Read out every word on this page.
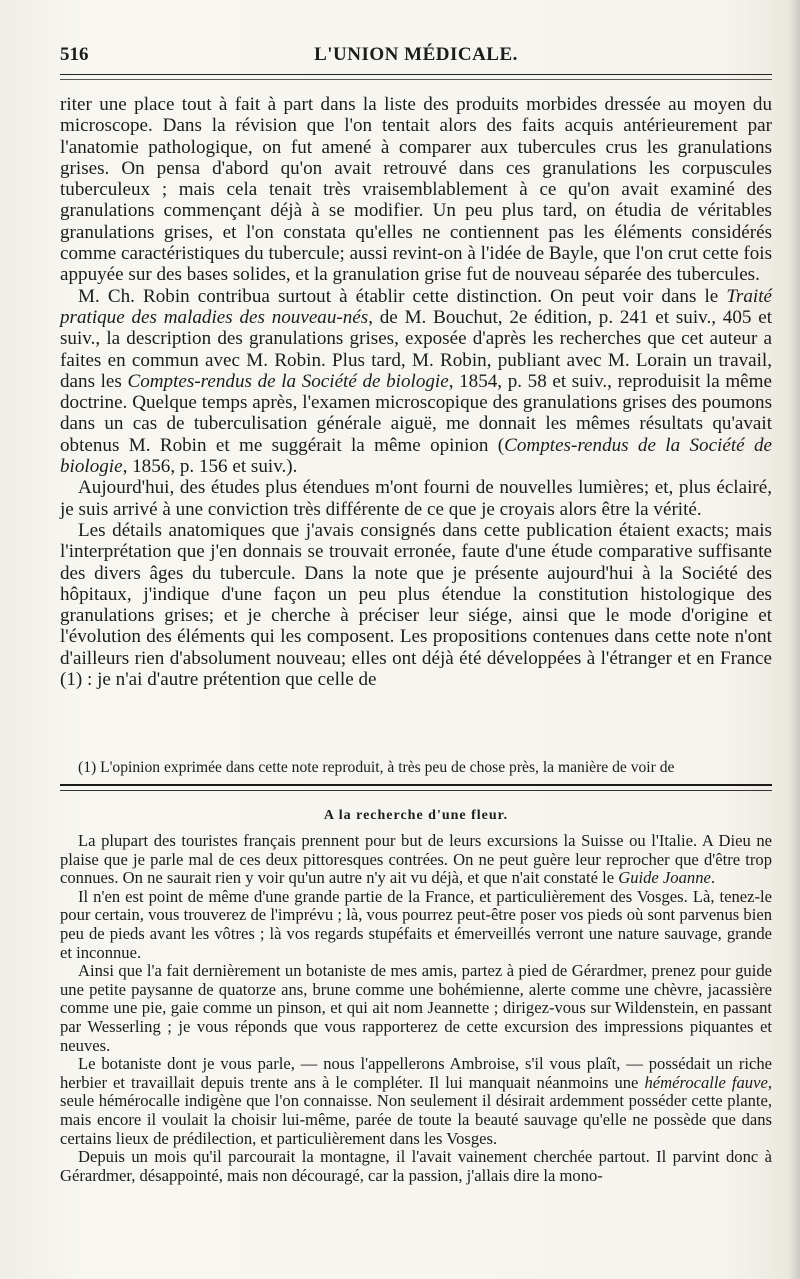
516	L'UNION MÉDICALE.

riter une place tout à fait à part dans la liste des produits morbides dressée au moyen du microscope. Dans la révision que l'on tentait alors des faits acquis antérieurement par l'anatomie pathologique, on fut amené à comparer aux tubercules crus les granulations grises. On pensa d'abord qu'on avait retrouvé dans ces granulations les corpuscules tuberculeux ; mais cela tenait très vraisemblablement à ce qu'on avait examiné des granulations commençant déjà à se modifier. Un peu plus tard, on étudia de véritables granulations grises, et l'on constata qu'elles ne contiennent pas les éléments considérés comme caractéristiques du tubercule; aussi revint-on à l'idée de Bayle, que l'on crut cette fois appuyée sur des bases solides, et la granulation grise fut de nouveau séparée des tubercules.

M. Ch. Robin contribua surtout à établir cette distinction. On peut voir dans le Traité pratique des maladies des nouveau-nés, de M. Bouchut, 2e édition, p. 241 et suiv., 405 et suiv., la description des granulations grises, exposée d'après les recherches que cet auteur a faites en commun avec M. Robin. Plus tard, M. Robin, publiant avec M. Lorain un travail, dans les Comptes-rendus de la Société de biologie, 1854, p. 58 et suiv., reproduisit la même doctrine. Quelque temps après, l'examen microscopique des granulations grises des poumons dans un cas de tuberculisation générale aiguë, me donnait les mêmes résultats qu'avait obtenus M. Robin et me suggérait la même opinion (Comptes-rendus de la Société de biologie, 1856, p. 156 et suiv.).

Aujourd'hui, des études plus étendues m'ont fourni de nouvelles lumières; et, plus éclairé, je suis arrivé à une conviction très différente de ce que je croyais alors être la vérité.

Les détails anatomiques que j'avais consignés dans cette publication étaient exacts; mais l'interprétation que j'en donnais se trouvait erronée, faute d'une étude comparative suffisante des divers âges du tubercule. Dans la note que je présente aujourd'hui à la Société des hôpitaux, j'indique d'une façon un peu plus étendue la constitution histologique des granulations grises; et je cherche à préciser leur siége, ainsi que le mode d'origine et l'évolution des éléments qui les composent. Les propositions contenues dans cette note n'ont d'ailleurs rien d'absolument nouveau; elles ont déjà été développées à l'étranger et en France (1) : je n'ai d'autre prétention que celle de

(1) L'opinion exprimée dans cette note reproduit, à très peu de chose près, la manière de voir de
A la recherche d'une fleur.

La plupart des touristes français prennent pour but de leurs excursions la Suisse ou l'Italie. A Dieu ne plaise que je parle mal de ces deux pittoresques contrées. On ne peut guère leur reprocher que d'être trop connues. On ne saurait rien y voir qu'un autre n'y ait vu déjà, et que n'ait constaté le Guide Joanne.

Il n'en est point de même d'une grande partie de la France, et particulièrement des Vosges. Là, tenez-le pour certain, vous trouverez de l'imprévu ; là, vous pourrez peut-être poser vos pieds où sont parvenus bien peu de pieds avant les vôtres ; là vos regards stupéfaits et émerveillés verront une nature sauvage, grande et inconnue.

Ainsi que l'a fait dernièrement un botaniste de mes amis, partez à pied de Gérardmer, prenez pour guide une petite paysanne de quatorze ans, brune comme une bohémienne, alerte comme une chèvre, jacassière comme une pie, gaie comme un pinson, et qui ait nom Jeannette ; dirigez-vous sur Wildenstein, en passant par Wesserling ; je vous réponds que vous rapporterez de cette excursion des impressions piquantes et neuves.

Le botaniste dont je vous parle, — nous l'appellerons Ambroise, s'il vous plaît, — possédait un riche herbier et travaillait depuis trente ans à le compléter. Il lui manquait néanmoins une hémérocalle fauve, seule hémérocalle indigène que l'on connaisse. Non seulement il désirait ardemment posséder cette plante, mais encore il voulait la choisir lui-même, parée de toute la beauté sauvage qu'elle ne possède que dans certains lieux de prédilection, et particulièrement dans les Vosges.

Depuis un mois qu'il parcourait la montagne, il l'avait vainement cherchée partout. Il parvint donc à Gérardmer, désappointé, mais non découragé, car la passion, j'allais dire la mono-
